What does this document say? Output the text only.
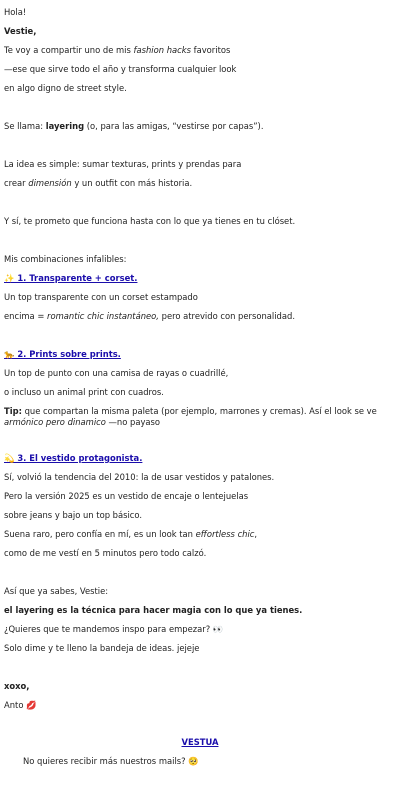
Hola!

Vestie,

Te voy a compartir uno de mis fashion hacks favoritos

—ese que sirve todo el año y transforma cualquier look

en algo digno de street style.

Se llama: layering (o, para las amigas, “vestirse por capas”).

La idea es simple: sumar texturas, prints y prendas para

crear dimensión y un outfit con más historia.

Y sí, te prometo que funciona hasta con lo que ya tienes en tu clóset.

Mis combinaciones infalibles:

✨ 1. Transparente + corset.

Un top transparente con un corset estampado

encima = romantic chic instantáneo, pero atrevido con personalidad.

🐆 2. Prints sobre prints.

Un top de punto con una camisa de rayas o cuadrillé,

o incluso un animal print con cuadros.

Tip: que compartan la misma paleta (por ejemplo, marrones y cremas). Así el look se ve armónico pero dinamico —no payaso

💫 3. El vestido protagonista.

Sí, volvió la tendencia del 2010: la de usar vestidos y patalones.

Pero la versión 2025 es un vestido de encaje o lentejuelas

sobre jeans y bajo un top básico.

Suena raro, pero confía en mí, es un look tan effortless chic,

como de me vestí en 5 minutos pero todo calzó.

Así que ya sabes, Vestie:

el layering es la técnica para hacer magia con lo que ya tienes.

¿Quieres que te mandemos inspo para empezar? 👀

Solo dime y te lleno la bandeja de ideas. jejeje

xoxo,

Anto 💋

VESTUA
No quieres recibir más nuestros mails? 🥺
